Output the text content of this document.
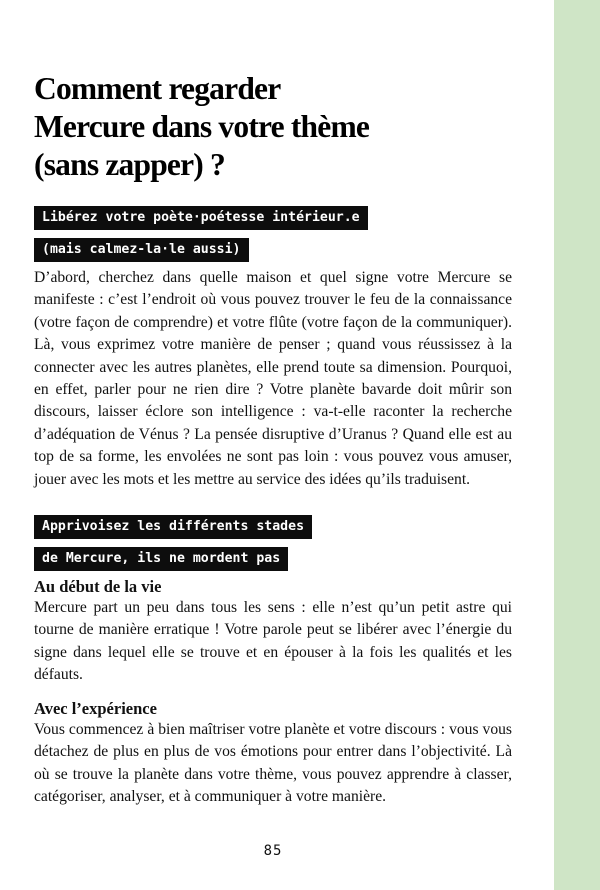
Comment regarder
Mercure dans votre thème
(sans zapper) ?
Libérez votre poète·poétesse intérieur.e
(mais calmez-la·le aussi)

D’abord, cherchez dans quelle maison et quel signe votre Mercure se manifeste : c’est l’endroit où vous pouvez trouver le feu de la connaissance (votre façon de comprendre) et votre flûte (votre façon de la communiquer). Là, vous exprimez votre manière de penser ; quand vous réussissez à la connecter avec les autres planètes, elle prend toute sa dimension. Pourquoi, en effet, parler pour ne rien dire ? Votre planète bavarde doit mûrir son discours, laisser éclore son intelligence : va-t-elle raconter la recherche d’adéquation de Vénus ? La pensée disruptive d’Uranus ? Quand elle est au top de sa forme, les envolées ne sont pas loin : vous pouvez vous amuser, jouer avec les mots et les mettre au service des idées qu’ils traduisent.

Apprivoisez les différents stades
de Mercure, ils ne mordent pas
Au début de la vie

Mercure part un peu dans tous les sens : elle n’est qu’un petit astre qui tourne de manière erratique ! Votre parole peut se libérer avec l’énergie du signe dans lequel elle se trouve et en épouser à la fois les qualités et les défauts.

Avec l’expérience

Vous commencez à bien maîtriser votre planète et votre discours : vous vous détachez de plus en plus de vos émotions pour entrer dans l’objectivité. Là où se trouve la planète dans votre thème, vous pouvez apprendre à classer, catégoriser, analyser, et à communiquer à votre manière.

85
